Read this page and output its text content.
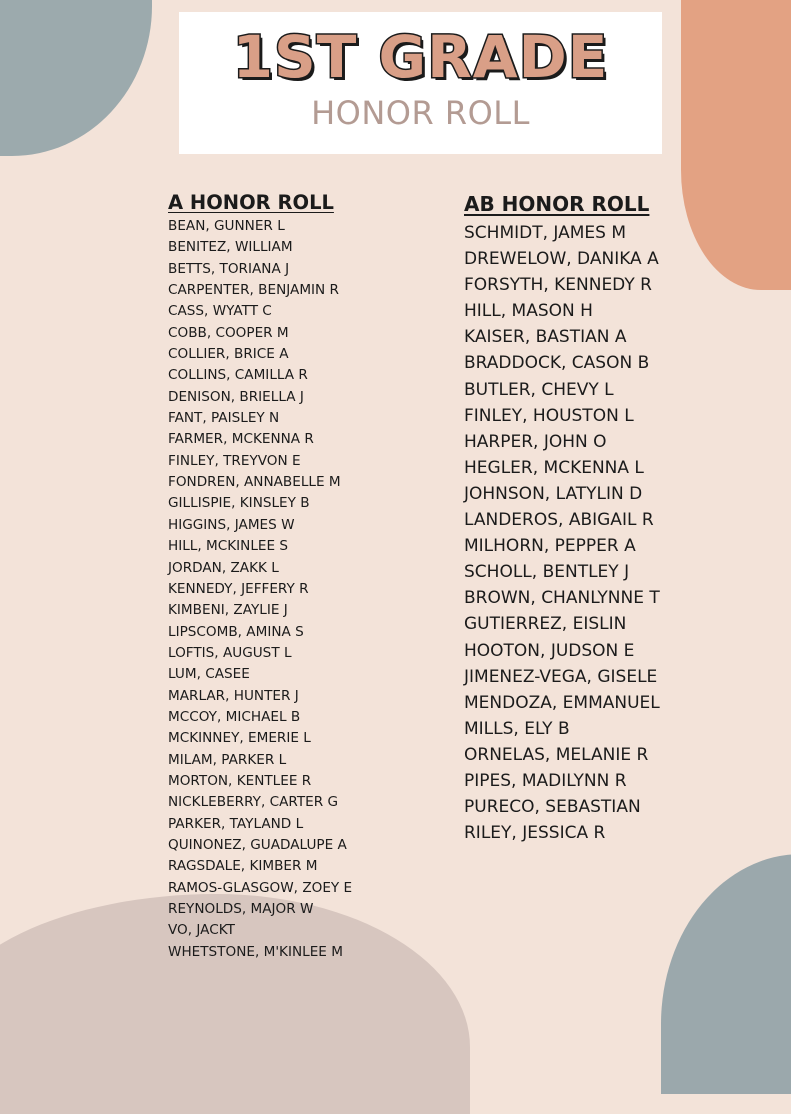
1ST GRADE
HONOR ROLL
A HONOR ROLL
BEAN, GUNNER L
BENITEZ, WILLIAM
BETTS, TORIANA J
CARPENTER, BENJAMIN R
CASS, WYATT C
COBB, COOPER M
COLLIER, BRICE A
COLLINS, CAMILLA R
DENISON, BRIELLA J
FANT, PAISLEY N
FARMER, MCKENNA R
FINLEY, TREYVON E
FONDREN, ANNABELLE M
GILLISPIE, KINSLEY B
HIGGINS, JAMES W
HILL, MCKINLEE S
JORDAN, ZAKK L
KENNEDY, JEFFERY R
KIMBENI, ZAYLIE J
LIPSCOMB, AMINA S
LOFTIS, AUGUST L
LUM, CASEE
MARLAR, HUNTER J
MCCOY, MICHAEL B
MCKINNEY, EMERIE L
MILAM, PARKER L
MORTON, KENTLEE R
NICKLEBERRY, CARTER G
PARKER, TAYLAND L
QUINONEZ, GUADALUPE A
RAGSDALE, KIMBER M
RAMOS-GLASGOW, ZOEY E
REYNOLDS, MAJOR W
VO, JACKT
WHETSTONE, M'KINLEE M
AB HONOR ROLL
SCHMIDT, JAMES M
DREWELOW, DANIKA A
FORSYTH, KENNEDY R
HILL, MASON H
KAISER, BASTIAN A
BRADDOCK, CASON B
BUTLER, CHEVY L
FINLEY, HOUSTON L
HARPER, JOHN O
HEGLER, MCKENNA L
JOHNSON, LATYLIN D
LANDEROS, ABIGAIL R
MILHORN, PEPPER A
SCHOLL, BENTLEY J
BROWN, CHANLYNNE T
GUTIERREZ, EISLIN
HOOTON, JUDSON E
JIMENEZ-VEGA, GISELE
MENDOZA, EMMANUEL
MILLS, ELY B
ORNELAS, MELANIE R
PIPES, MADILYNN R
PURECO, SEBASTIAN
RILEY, JESSICA R
